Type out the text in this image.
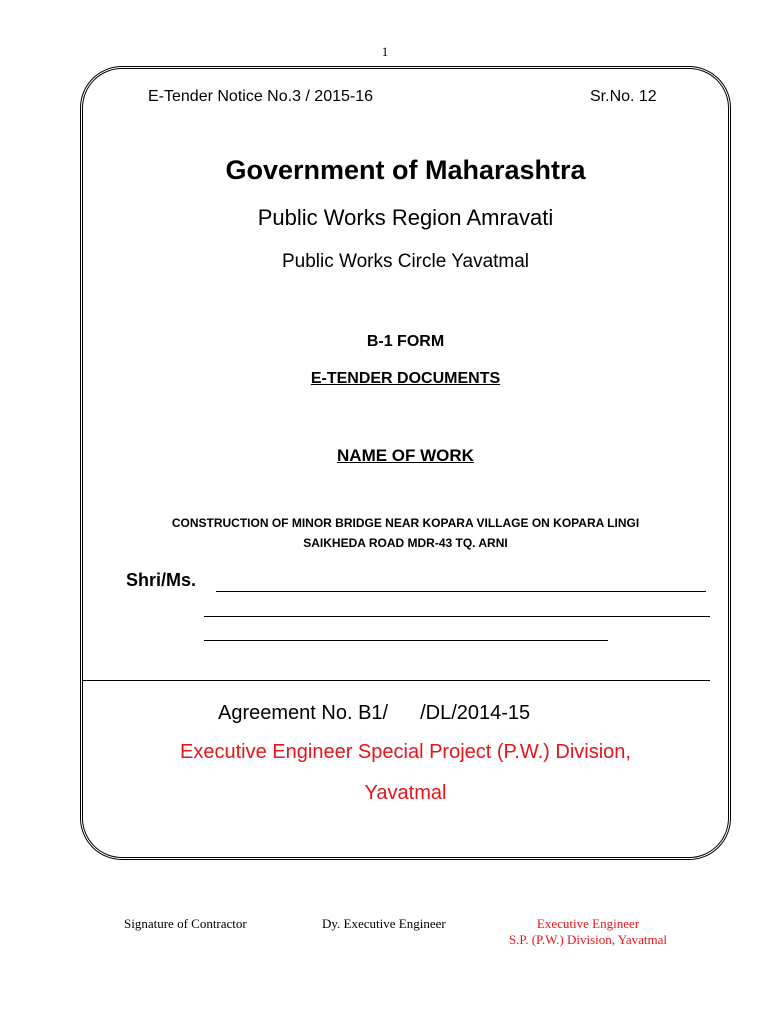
1
E-Tender Notice No.3 / 2015-16	Sr.No. 12
Government of Maharashtra
Public Works Region Amravati
Public Works Circle Yavatmal
B-1 FORM
E-TENDER DOCUMENTS
NAME OF WORK
CONSTRUCTION OF MINOR BRIDGE NEAR KOPARA VILLAGE ON KOPARA LINGI
SAIKHEDA ROAD MDR-43 TQ. ARNI
Shri/Ms.
Agreement No. B1/ /DL/2014-15
Executive Engineer Special Project (P.W.) Division,
Yavatmal
Signature of Contractor	Dy. Executive Engineer	Executive Engineer
S.P. (P.W.) Division, Yavatmal
